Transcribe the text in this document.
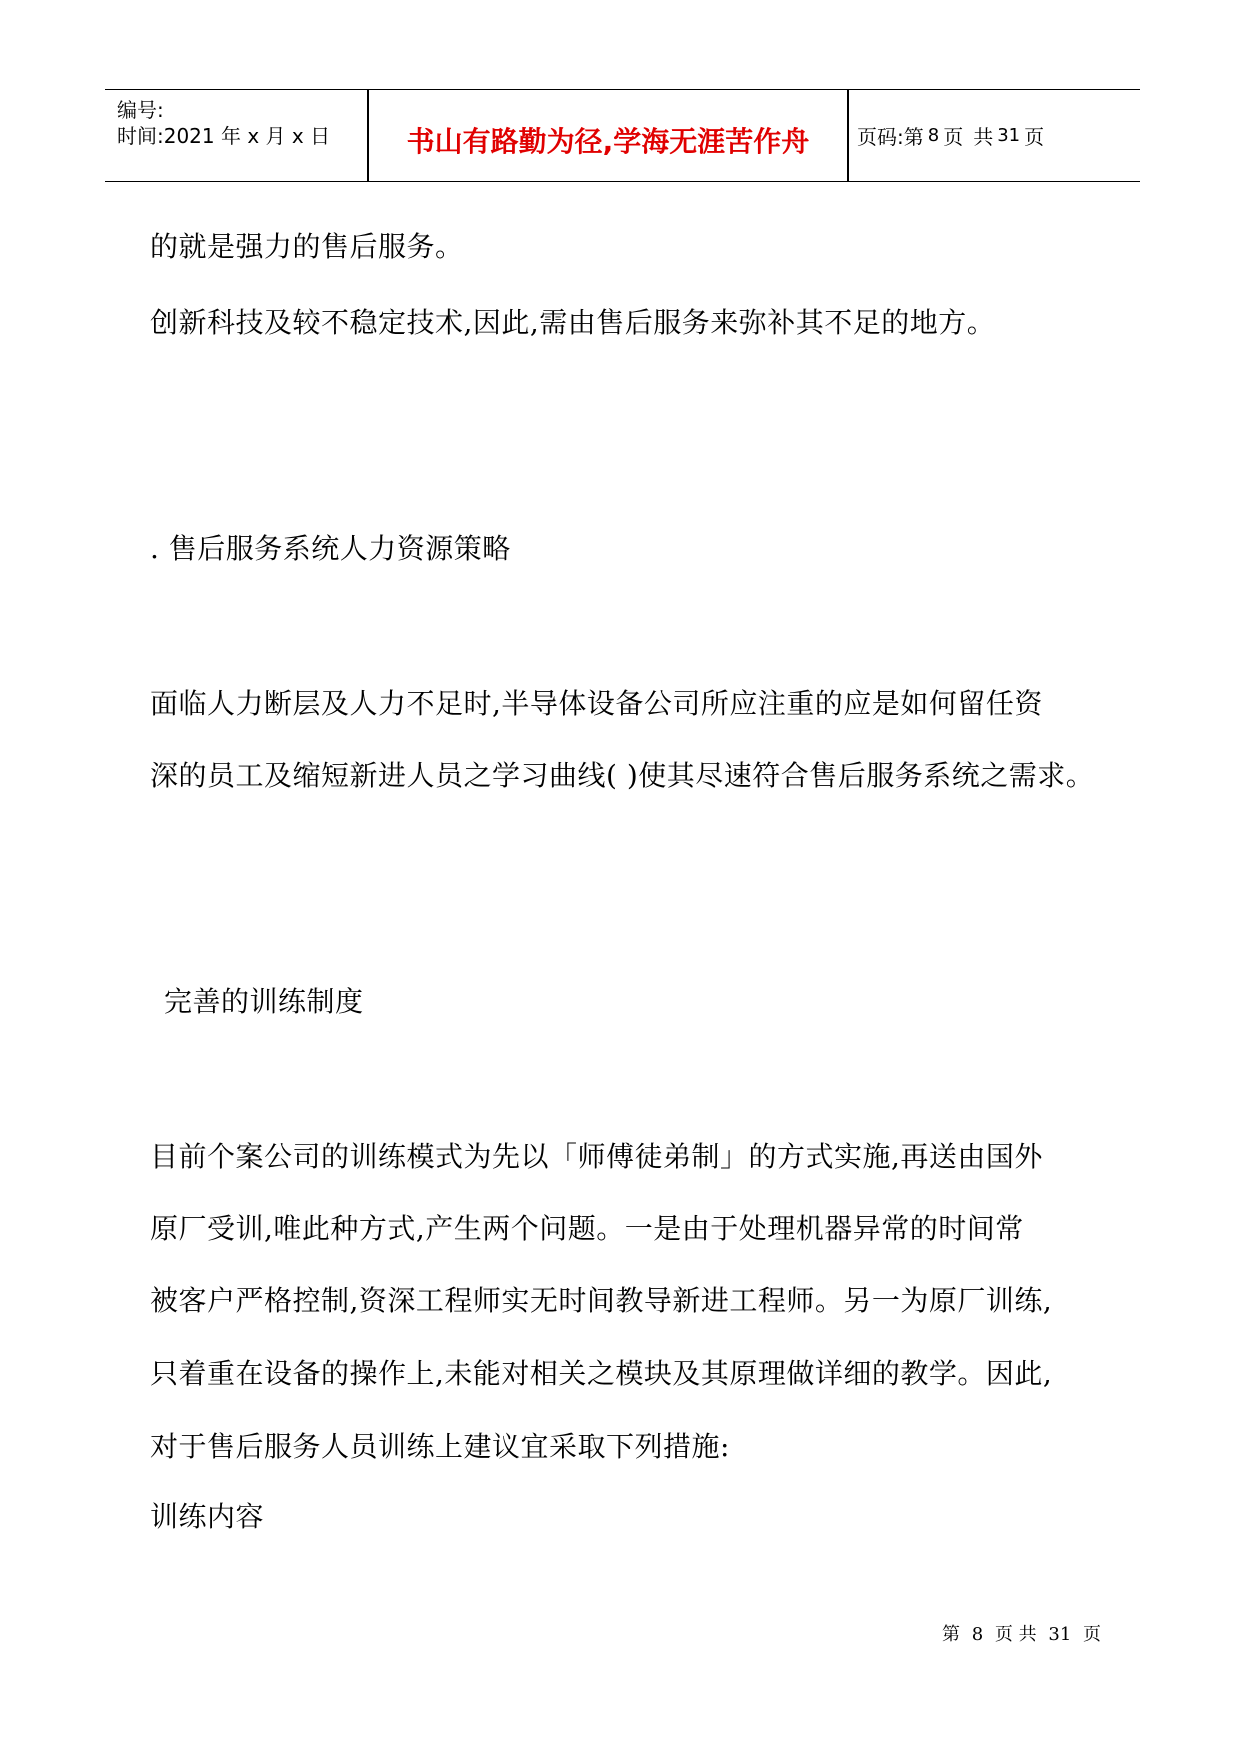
编号:
时间:2021 年 x 月 x 日	书山有路勤为径,学海无涯苦作舟 页码:第 8 页 共 31 页
的就是强力的售后服务。
创新科技及较不稳定技术,因此,需由售后服务来弥补其不足的地方。
. 售后服务系统人力资源策略
面临人力断层及人力不足时,半导体设备公司所应注重的应是如何留任资
深的员工及缩短新进人员之学习曲线( )使其尽速符合售后服务系统之需求。
完善的训练制度
目前个案公司的训练模式为先以「师傅徒弟制」的方式实施,再送由国外
原厂受训,唯此种方式,产生两个问题。一是由于处理机器异常的时间常
被客户严格控制,资深工程师实无时间教导新进工程师。另一为原厂训练,
只着重在设备的操作上,未能对相关之模块及其原理做详细的教学。因此,
对于售后服务人员训练上建议宜采取下列措施:
训练内容
第 8 页 共 31 页
